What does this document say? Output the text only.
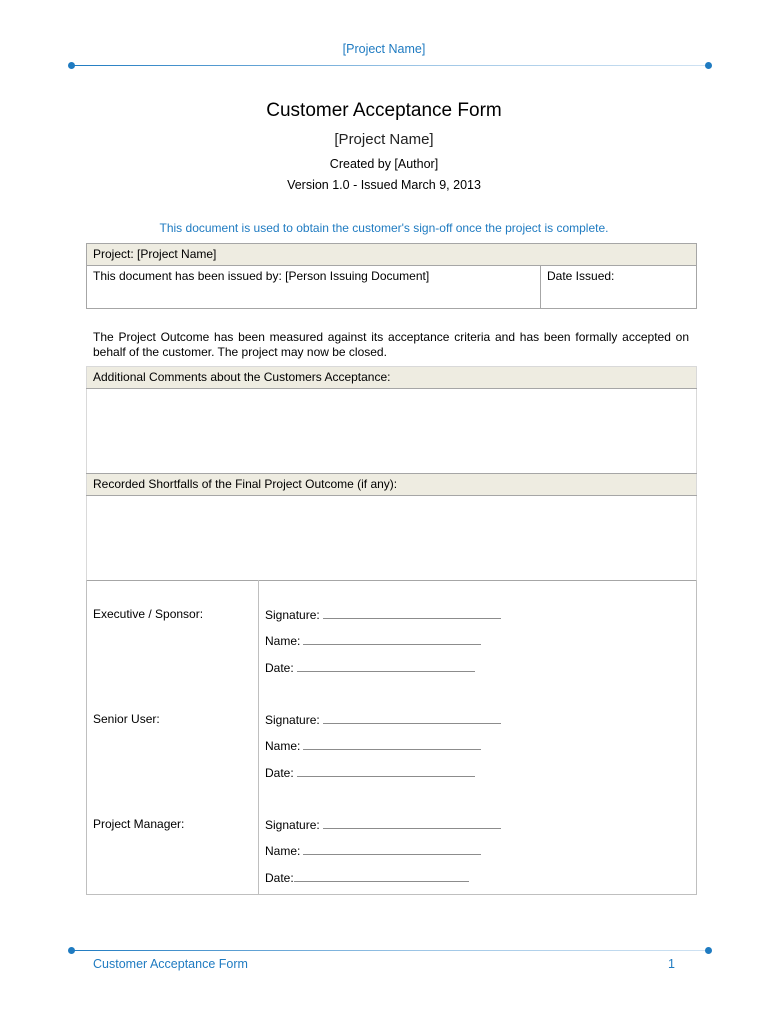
[Project Name]
Customer Acceptance Form
[Project Name]
Created by [Author]
Version 1.0 - Issued March 9, 2013
This document is used to obtain the customer's sign-off once the project is complete.
Project: [Project Name]
This document has been issued by: [Person Issuing Document]	Date Issued:
The Project Outcome has been measured against its acceptance criteria and has been formally accepted on behalf of the customer. The project may now be closed.
Additional Comments about the Customers Acceptance:

Recorded Shortfalls of the Final Project Outcome (if any):

Executive / Sponsor:	Signature:
Name:
Date:
Senior User:	Signature:
Name:
Date:
Project Manager:	Signature:
Name:
Date:
Customer Acceptance Form	1
